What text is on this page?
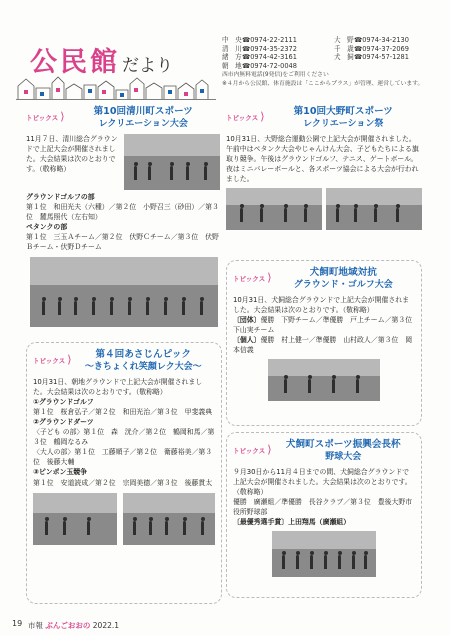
公民館 だより
中　央☎0974-22-2111	大　野☎0974-34-2130
清　川☎0974-35-2372	千　歳☎0974-37-2069
緒　方☎0974-42-3161	犬　飼☎0974-57-1281
朝　地☎0974-72-0048
西市内無料電話(9発信)をご利用ください
※４月から公民館、体育施設は「ここからプラス」が管理、運営しています。
トピックス ⟩	第10回清川町スポーツ
レクリエーション大会
11月７日、清川総合グラウンドで上記大会が開催されました。大会結果は次のとおりです。（敬称略）
グラウンドゴルフの部
第１位　和田光夫（六種）／第２位　小野召三（砂田）／第３位　麓馬照代（左右知）
ペタンクの部
第１位　三玉Ａチーム／第２位　伏野Ｃチーム／第３位　伏野Ｂチーム・伏野Ｄチーム
トピックス ⟩	第４回あさじんピック
〜きちょくれ笑顔レク大会〜
10月31日、朝地グラウンドで上記大会が開催されました。大会結果は次のとおりです。（敬称略）
①グラウンドゴルフ
第１位　桜倉弘子／第２位　和田光治／第３位　甲斐義典
②グラウンドダーツ
〈子ども の部〉第１位　森　洸介／第２位　鶴岡和馬／第３位　鶴岡なるみ
〈大人の部〉第１位　工藤順子／第２位　衛藤裕美／第３位　後藤大輔
③ピンポン玉競争
第１位　安道読成／第２位　宗岡美德／第３位　後藤貫太
トピックス ⟩	第10回大野町スポーツ
レクリエーション祭
10月31日、大野総合運動公園で上記大会が開催されました。午前中はペタンク大会やじゃんけん大会、子どもたちによる旗取り競争。午後はグラウンドゴルフ、テニス、ゲートボール。夜はミニバレーボールと、各スポーツ協会による大会が行われました。
トピックス ⟩	犬飼町地域対抗
グラウンド・ゴルフ大会
10月31日、犬飼総合グラウンドで上記大会が開催されました。大会結果は次のとおりです。（敬称略）
〔団体〕優勝　下野チーム／準優勝　戸上チーム／第３位　下山実チーム
〔個人〕優勝　村上健一／準優勝　山村政人／第３位　岡本信義
トピックス ⟩	犬飼町スポーツ振興会長杯
野球大会
９月30日から11月４日までの間、犬飼総合グラウンドで上記大会が開催されました。大会結果は次のとおりです。（敬称略）
優勝　廣瀬組／準優勝　長谷クラブ／第３位　豊後大野市役所野球部
〔最優秀選手賞〕上田翔馬（廣瀬組）
19 市報 ぶんごおおの 2022.1
